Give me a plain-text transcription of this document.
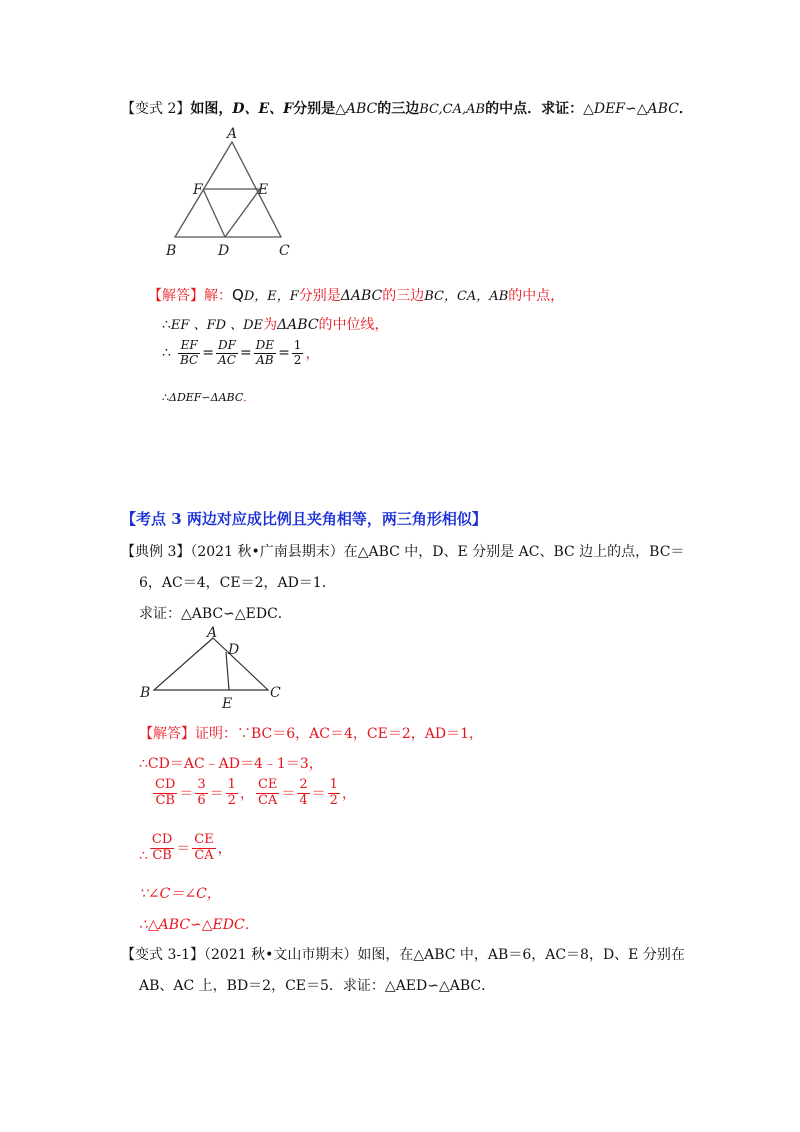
【变式 2】如图，D、E、F分别是△ABC的三边BC,CA,AB的中点．求证：△DEF∽△ABC．
A
B	C
D
E
F
【解答】解：QD，E，F分别是ΔABC的三边BC，CA，AB的中点，
∴EF 、FD 、DE为ΔABC的中位线，
∴ $\frac{EF}{BC} = \frac{DF}{AC} = \frac{DE}{AB} = \frac{1}{2}$ ，
∴ΔDEF∽ΔABC．
【考点 3 两边对应成比例且夹角相等，两三角形相似】
【典例 3】（2021 秋•广南县期末）在△ABC 中，D、E 分别是 AC、BC 边上的点，BC＝
6，AC＝4，CE＝2，AD＝1．
求证：△ABC∽△EDC．
A
B	C
D
E
【解答】证明：∵BC＝6，AC＝4，CE＝2，AD＝1，
∴CD＝AC﹣AD＝4﹣1＝3，
$\frac{CD}{CB} = \frac{3}{6} = \frac{1}{2}$ ， $\frac{CE}{CA} = \frac{2}{4} = \frac{1}{2}$ ，
∴ $\frac{CD}{CB} = \frac{CE}{CA}$ ，
∵∠C＝∠C，
∴△ABC∽△EDC．
【变式 3-1】（2021 秋•文山市期末）如图，在△ABC 中，AB＝6，AC＝8，D、E 分别在
AB、AC 上，BD＝2，CE＝5．求证：△AED∽△ABC．
